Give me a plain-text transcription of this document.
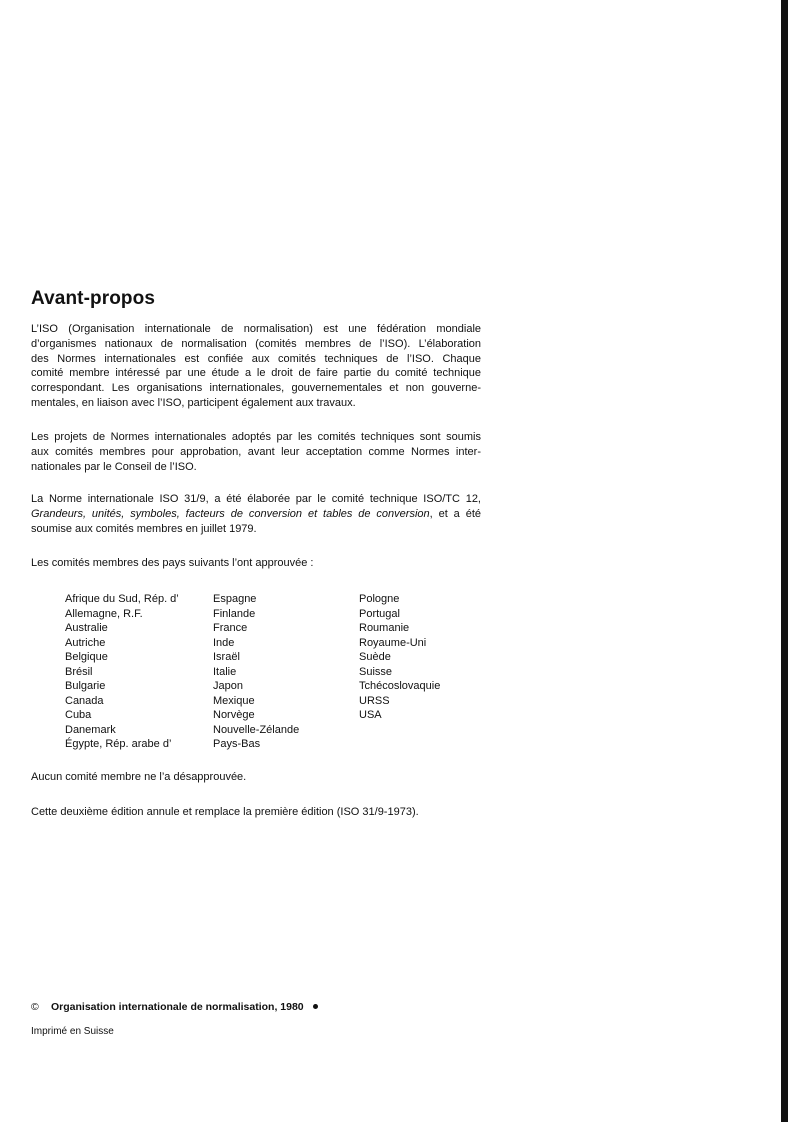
Avant-propos
L’ISO (Organisation internationale de normalisation) est une fédération mondiale
d’organismes nationaux de normalisation (comités membres de l’ISO). L’élaboration
des Normes internationales est confiée aux comités techniques de l’ISO. Chaque
comité membre intéressé par une étude a le droit de faire partie du comité technique
correspondant. Les organisations internationales, gouvernementales et non gouverne-
mentales, en liaison avec l’ISO, participent également aux travaux.
Les projets de Normes internationales adoptés par les comités techniques sont soumis
aux comités membres pour approbation, avant leur acceptation comme Normes inter-
nationales par le Conseil de l’ISO.
La Norme internationale ISO 31/9, a été élaborée par le comité technique ISO/TC 12,
Grandeurs, unités, symboles, facteurs de conversion et tables de conversion, et a été
soumise aux comités membres en juillet 1979.

Les comités membres des pays suivants l’ont approuvée :

Afrique du Sud, Rép. d’
Allemagne, R.F.
Australie
Autriche
Belgique
Brésil
Bulgarie
Canada
Cuba
Danemark
Égypte, Rép. arabe d’
Espagne
Finlande
France
Inde
Israël
Italie
Japon
Mexique
Norvège
Nouvelle-Zélande
Pays-Bas
Pologne
Portugal
Roumanie
Royaume-Uni
Suède
Suisse
Tchécoslovaquie
URSS
USA

Aucun comité membre ne l’a désapprouvée.

Cette deuxième édition annule et remplace la première édition (ISO 31/9-1973).

© Organisation internationale de normalisation, 1980
Imprimé en Suisse
